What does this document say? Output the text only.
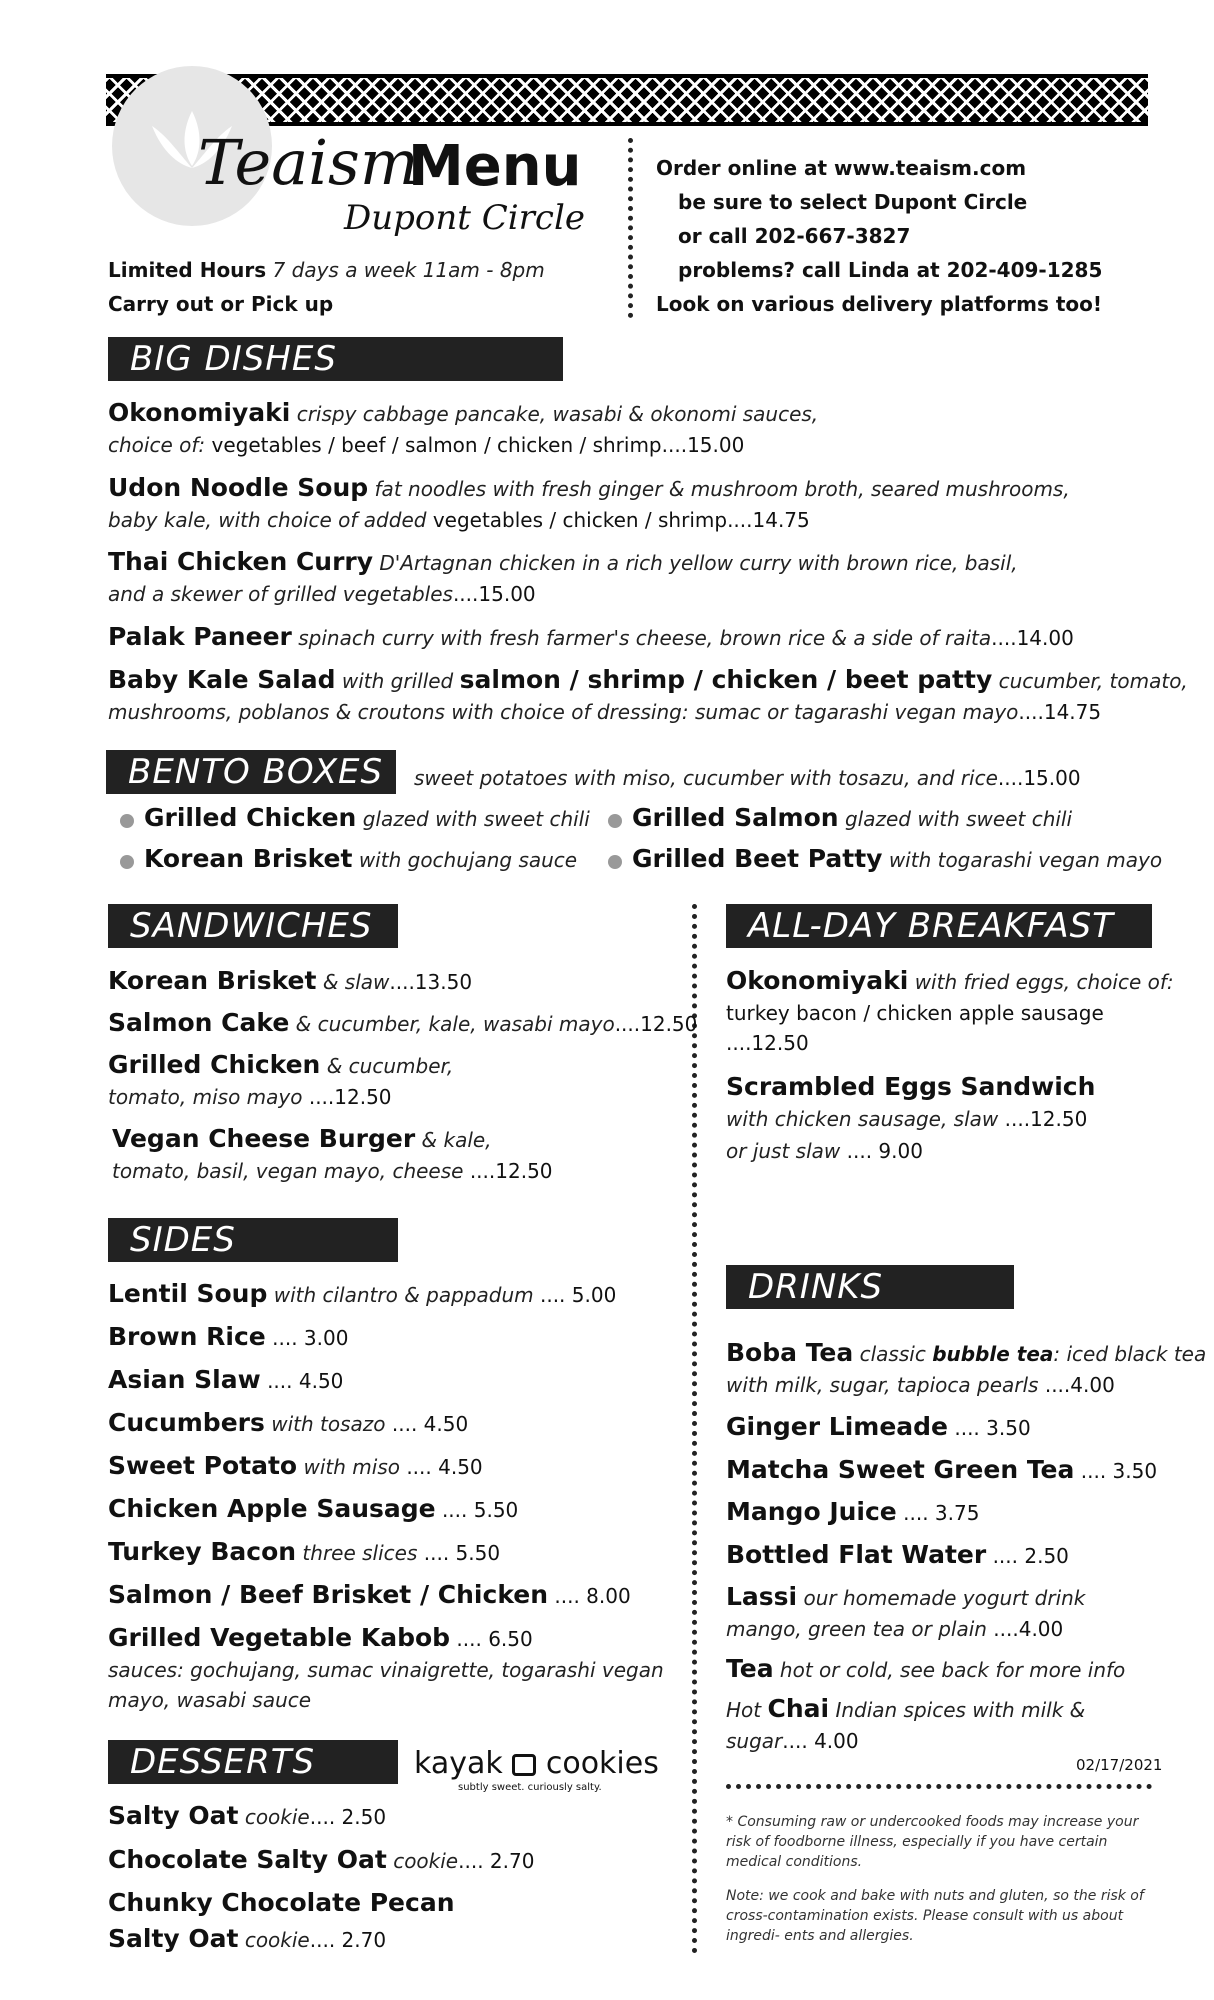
Teaism
Menu
Dupont Circle
Limited Hours 7 days a week 11am - 8pm
Carry out or Pick up
Order online at www.teaism.com
be sure to select Dupont Circle
or call 202-667-3827
problems? call Linda at 202-409-1285
Look on various delivery platforms too!
BIG DISHES
Okonomiyaki crispy cabbage pancake, wasabi & okonomi sauces,
choice of: vegetables / beef / salmon / chicken / shrimp....15.00
Udon Noodle Soup fat noodles with fresh ginger & mushroom broth, seared mushrooms,
baby kale, with choice of added vegetables / chicken / shrimp....14.75
Thai Chicken Curry D'Artagnan chicken in a rich yellow curry with brown rice, basil,
and a skewer of grilled vegetables....15.00
Palak Paneer spinach curry with fresh farmer's cheese, brown rice & a side of raita....14.00
Baby Kale Salad with grilled salmon / shrimp / chicken / beet patty cucumber, tomato,
mushrooms, poblanos & croutons with choice of dressing: sumac or tagarashi vegan mayo....14.75
BENTO BOXES	sweet potatoes with miso, cucumber with tosazu, and rice....15.00
Grilled Chicken glazed with sweet chili	Grilled Salmon glazed with sweet chili
Korean Brisket with gochujang sauce	Grilled Beet Patty with togarashi vegan mayo
SANDWICHES
Korean Brisket & slaw....13.50
Salmon Cake & cucumber, kale, wasabi mayo....12.50
Grilled Chicken & cucumber,
tomato, miso mayo ....12.50
Vegan Cheese Burger & kale,
tomato, basil, vegan mayo, cheese ....12.50
ALL-DAY BREAKFAST
Okonomiyaki with fried eggs, choice of:
turkey bacon / chicken apple sausage
....12.50
Scrambled Eggs Sandwich
with chicken sausage, slaw ....12.50
or just slaw .... 9.00
SIDES
Lentil Soup with cilantro & pappadum .... 5.00
Brown Rice .... 3.00
Asian Slaw .... 4.50
Cucumbers with tosazo .... 4.50
Sweet Potato with miso .... 4.50
Chicken Apple Sausage .... 5.50
Turkey Bacon three slices .... 5.50
Salmon / Beef Brisket / Chicken .... 8.00
Grilled Vegetable Kabob .... 6.50
sauces: gochujang, sumac vinaigrette, togarashi vegan
mayo, wasabi sauce
DESSERTS	kayak cookies
subtly sweet. curiously salty.
Salty Oat cookie.... 2.50
Chocolate Salty Oat cookie.... 2.70
Chunky Chocolate Pecan
Salty Oat cookie.... 2.70
DRINKS
Boba Tea classic bubble tea: iced black tea
with milk, sugar, tapioca pearls ....4.00
Ginger Limeade .... 3.50
Matcha Sweet Green Tea .... 3.50
Mango Juice .... 3.75
Bottled Flat Water .... 2.50
Lassi our homemade yogurt drink
mango, green tea or plain ....4.00
Tea hot or cold, see back for more info
Hot Chai Indian spices with milk &
sugar.... 4.00
02/17/2021
* Consuming raw or undercooked foods may increase your risk of foodborne illness, especially if you have certain medical conditions.
Note: we cook and bake with nuts and gluten, so the risk of cross-contamination exists. Please consult with us about ingredi- ents and allergies.
